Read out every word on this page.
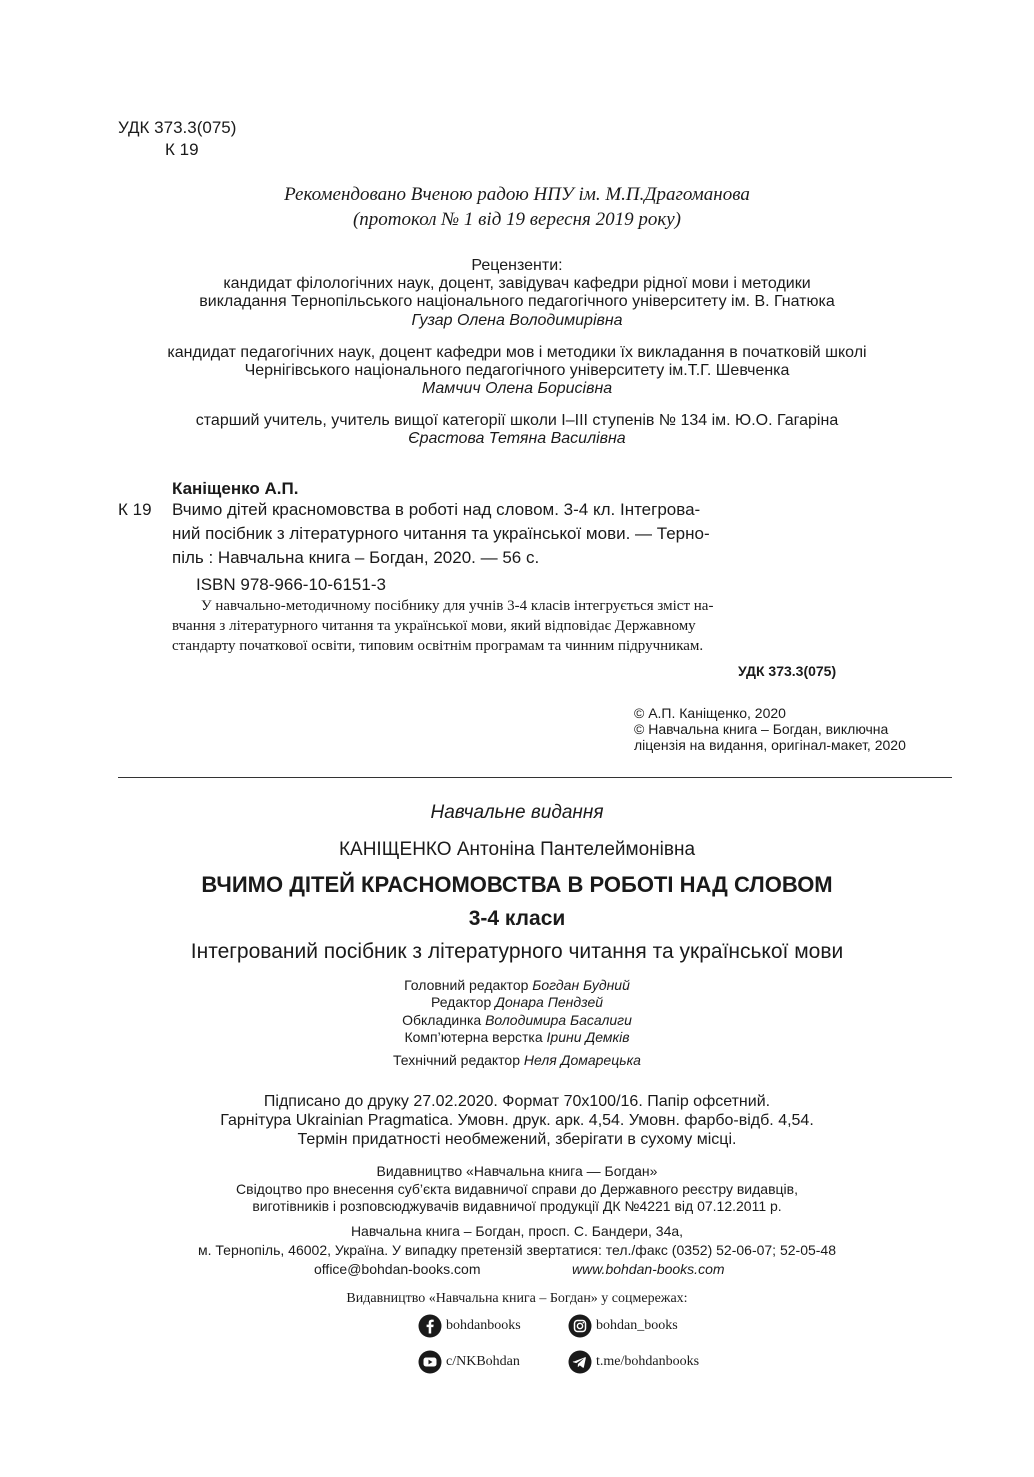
УДК 373.3(075)
К 19
Рекомендовано Вченою радою НПУ ім. М.П.Драгоманова
(протокол № 1 від 19 вересня 2019 року)
Рецензенти:
кандидат філологічних наук, доцент, завідувач кафедри рідної мови і методики
викладання Тернопільського національного педагогічного університету ім. В. Гнатюка
Гузар Олена Володимирівна
кандидат педагогічних наук, доцент кафедри мов і методики їх викладання в початковій школі
Чернігівського національного педагогічного університету ім.Т.Г. Шевченка
Мамчич Олена Борисівна
старший учитель, учитель вищої категорії школи І–ІІІ ступенів № 134 ім. Ю.О. Гагаріна
Єрастова Тетяна Василівна
Каніщенко А.П.
К 19 Вчимо дітей красномовства в роботі над словом. 3-4 кл. Інтегрова-
ний посібник з літературного читання та української мови. — Терно-
піль : Навчальна книга – Богдан, 2020. — 56 с.
ISBN 978-966-10-6151-3
У навчально-методичному посібнику для учнів 3-4 класів інтегрується зміст на-
вчання з літературного читання та української мови, який відповідає Державному
стандарту початкової освіти, типовим освітнім програмам та чинним підручникам.
УДК 373.3(075)
© А.П. Каніщенко, 2020
© Навчальна книга – Богдан, виключна
ліцензія на видання, оригінал-макет, 2020
Навчальне видання
КАНІЩЕНКО Антоніна Пантелеймонівна
ВЧИМО ДІТЕЙ КРАСНОМОВСТВА В РОБОТІ НАД СЛОВОМ
3-4 класи
Інтегрований посібник з літературного читання та української мови
Головний редактор Богдан Будний
Редактор Донара Пендзей
Обкладинка Володимира Басалиги
Комп’ютерна верстка Ірини Демків
Технічний редактор Неля Домарецька
Підписано до друку 27.02.2020. Формат 70х100/16. Папір офсетний.
Гарнітура Ukrainian Pragmatica. Умовн. друк. арк. 4,54. Умовн. фарбо-відб. 4,54.
Термін придатності необмежений, зберігати в сухому місці.
Видавництво «Навчальна книга — Богдан»
Свідоцтво про внесення суб’єкта видавничої справи до Державного реєстру видавців,
виготівників і розповсюджувачів видавничої продукції ДК №4221 від 07.12.2011 р.
Навчальна книга – Богдан, просп. С. Бандери, 34а,
м. Тернопіль, 46002, Україна. У випадку претензій звертатися: тел./факс (0352) 52-06-07; 52-05-48
office@bohdan-books.com	www.bohdan-books.com
Видавництво «Навчальна книга – Богдан» у соцмережах:
bohdanbooks	bohdan_books
c/NKBohdan	t.me/bohdanbooks
